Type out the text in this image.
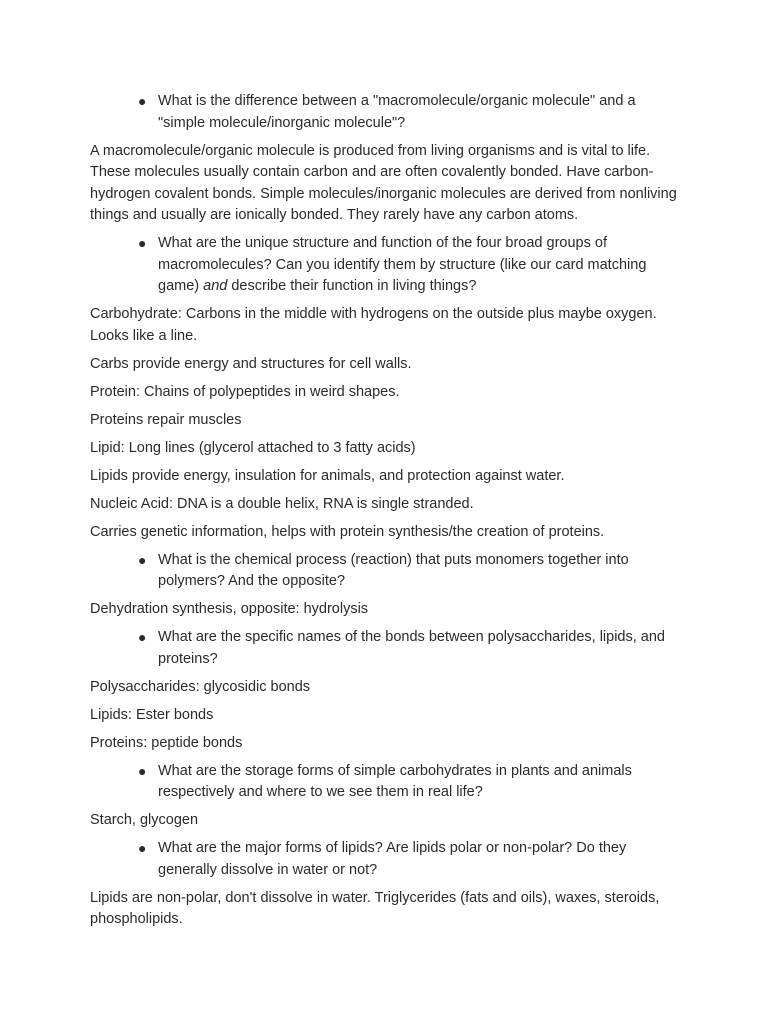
● What is the difference between a "macromolecule/organic molecule" and a "simple molecule/inorganic molecule"?

A macromolecule/organic molecule is produced from living organisms and is vital to life. These molecules usually contain carbon and are often covalently bonded. Have carbon-hydrogen covalent bonds. Simple molecules/inorganic molecules are derived from nonliving things and usually are ionically bonded. They rarely have any carbon atoms.

● What are the unique structure and function of the four broad groups of macromolecules? Can you identify them by structure (like our card matching game) and describe their function in living things?

Carbohydrate: Carbons in the middle with hydrogens on the outside plus maybe oxygen. Looks like a line.

Carbs provide energy and structures for cell walls.

Protein: Chains of polypeptides in weird shapes.

Proteins repair muscles

Lipid: Long lines (glycerol attached to 3 fatty acids)

Lipids provide energy, insulation for animals, and protection against water.

Nucleic Acid: DNA is a double helix, RNA is single stranded.

Carries genetic information, helps with protein synthesis/the creation of proteins.

● What is the chemical process (reaction) that puts monomers together into polymers? And the opposite?

Dehydration synthesis, opposite: hydrolysis

● What are the specific names of the bonds between polysaccharides, lipids, and proteins?

Polysaccharides: glycosidic bonds

Lipids: Ester bonds

Proteins: peptide bonds

● What are the storage forms of simple carbohydrates in plants and animals respectively and where to we see them in real life?

Starch, glycogen

● What are the major forms of lipids? Are lipids polar or non-polar? Do they generally dissolve in water or not?

Lipids are non-polar, don't dissolve in water. Triglycerides (fats and oils), waxes, steroids, phospholipids.
